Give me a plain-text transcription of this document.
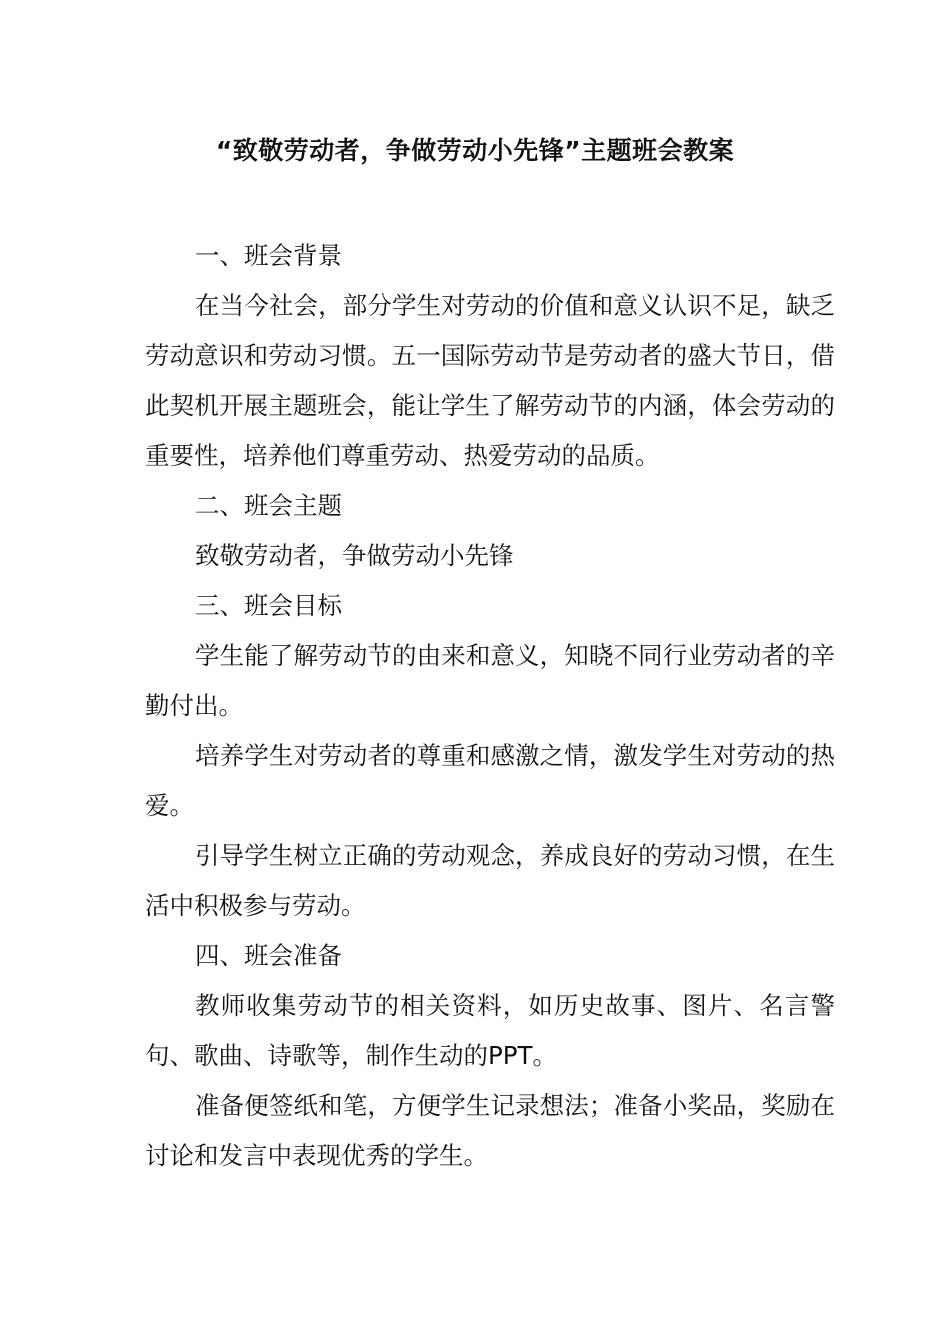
“致敬劳动者，争做劳动小先锋”主题班会教案

一、班会背景

在当今社会，部分学生对劳动的价值和意义认识不足，缺乏劳动意识和劳动习惯。五一国际劳动节是劳动者的盛大节日，借此契机开展主题班会，能让学生了解劳动节的内涵，体会劳动的重要性，培养他们尊重劳动、热爱劳动的品质。

二、班会主题

致敬劳动者，争做劳动小先锋

三、班会目标

学生能了解劳动节的由来和意义，知晓不同行业劳动者的辛勤付出。

培养学生对劳动者的尊重和感激之情，激发学生对劳动的热爱。

引导学生树立正确的劳动观念，养成良好的劳动习惯，在生活中积极参与劳动。

四、班会准备

教师收集劳动节的相关资料，如历史故事、图片、名言警句、歌曲、诗歌等，制作生动的PPT。

准备便签纸和笔，方便学生记录想法；准备小奖品，奖励在讨论和发言中表现优秀的学生。
